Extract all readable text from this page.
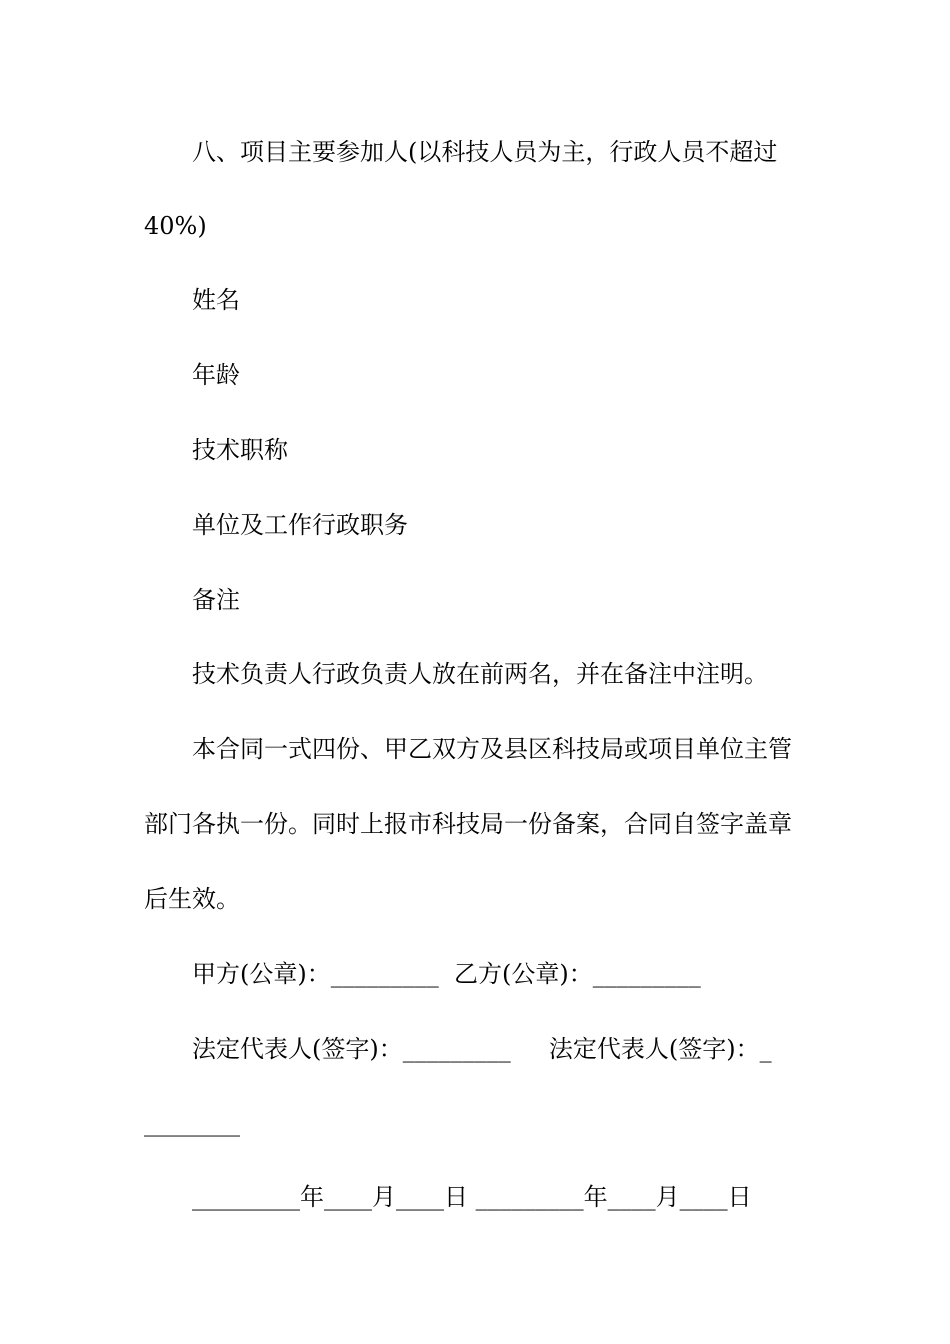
八、项目主要参加人(以科技人员为主，行政人员不超过
40%)
姓名
年龄
技术职称
单位及工作行政职务
备注
技术负责人行政负责人放在前两名，并在备注中注明。
本合同一式四份、甲乙双方及县区科技局或项目单位主管
部门各执一份。同时上报市科技局一份备案，合同自签字盖章
后生效。
甲方(公章)：_________  乙方(公章)：_________
法定代表人(签字)：_________     法定代表人(签字)：_
________
_________年____月____日 _________年____月____日
